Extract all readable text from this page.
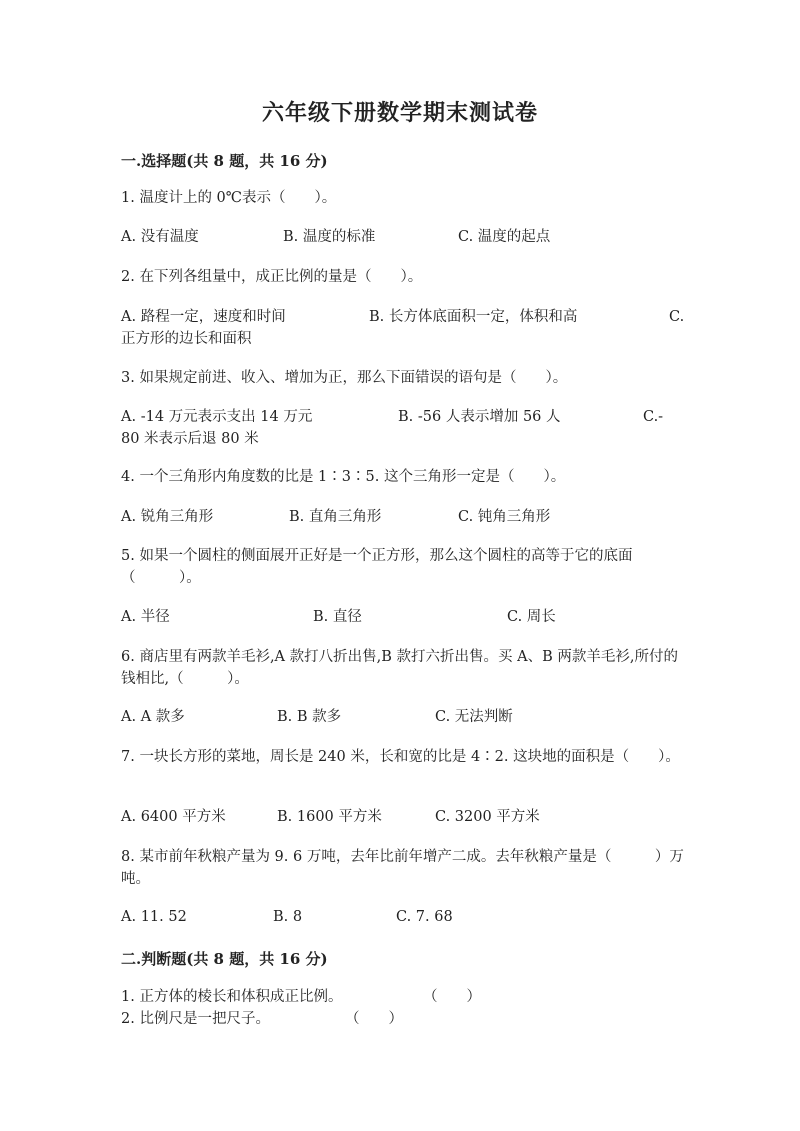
六年级下册数学期末测试卷
一.选择题(共 8 题，共 16 分)
1. 温度计上的 0℃表示（　　）。
A. 没有温度	B. 温度的标准	C. 温度的起点
2. 在下列各组量中，成正比例的量是（　　）。
A. 路程一定，速度和时间	B. 长方体底面积一定，体积和高	C.
正方形的边长和面积
3. 如果规定前进、收入、增加为正，那么下面错误的语句是（　　）。
A. -14 万元表示支出 14 万元	B. -56 人表示增加 56 人	C.-
80 米表示后退 80 米
4. 一个三角形内角度数的比是 1∶3∶5. 这个三角形一定是（　　）。
A. 锐角三角形	B. 直角三角形	C. 钝角三角形
5. 如果一个圆柱的侧面展开正好是一个正方形，那么这个圆柱的高等于它的底面（　　　）。
A. 半径	B. 直径	C. 周长
6. 商店里有两款羊毛衫,A 款打八折出售,B 款打六折出售。买 A、B 两款羊毛衫,所付的钱相比,（　　　）。
A. A 款多	B. B 款多	C. 无法判断
7. 一块长方形的菜地，周长是 240 米，长和宽的比是 4∶2. 这块地的面积是（　　）。
A. 6400 平方米	B. 1600 平方米	C. 3200 平方米
8. 某市前年秋粮产量为 9. 6 万吨，去年比前年增产二成。去年秋粮产量是（　　　）万吨。
A. 11. 52	B. 8	C. 7. 68
二.判断题(共 8 题，共 16 分)
1. 正方体的棱长和体积成正比例。	（　　）
2. 比例尺是一把尺子。	（　　）
